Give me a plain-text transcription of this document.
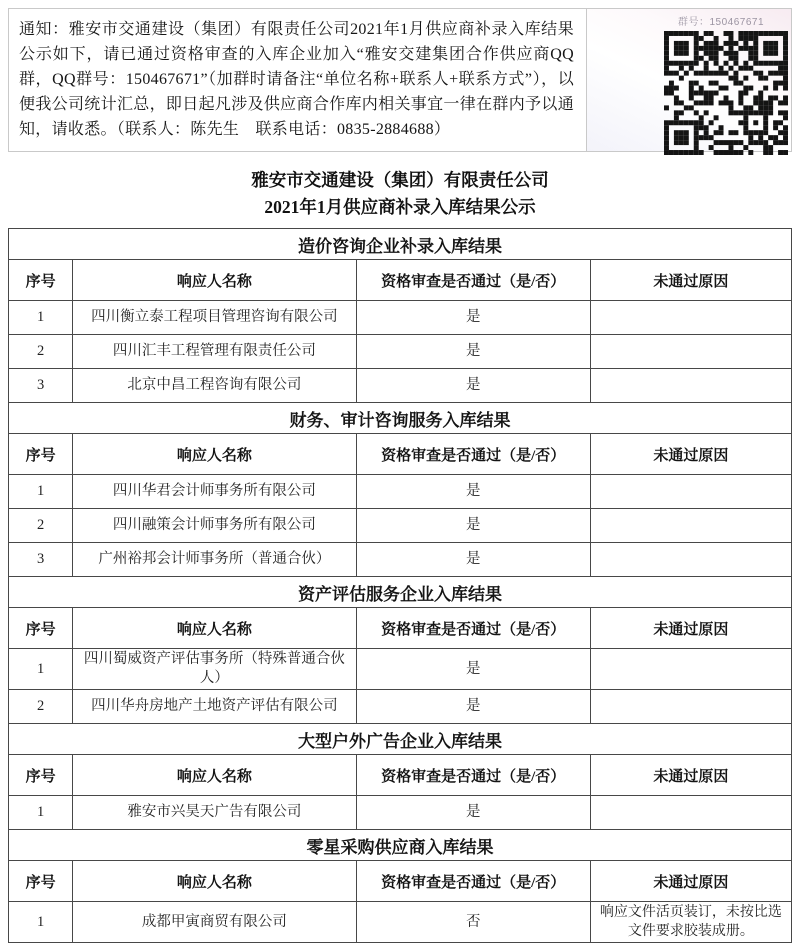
通知：雅安市交通建设（集团）有限责任公司2021年1月供应商补录入库结果公示如下，请已通过资格审查的入库企业加入“雅安交建集团合作供应商QQ群，QQ群号：150467671”（加群时请备注“单位名称+联系人+联系方式”），以便我公司统计汇总，即日起凡涉及供应商合作库内相关事宜一律在群内予以通知，请收悉。（联系人：陈先生　联系电话：0835-2884688）

群号：150467671
雅安市交通建设（集团）有限责任公司
2021年1月供应商补录入库结果公示
造价咨询企业补录入库结果			
序号	响应人名称	资格审查是否通过（是/否）	未通过原因
1	四川衡立泰工程项目管理咨询有限公司	是	
2	四川汇丰工程管理有限责任公司	是	
3	北京中昌工程咨询有限公司	是	
财务、审计咨询服务入库结果			
序号	响应人名称	资格审查是否通过（是/否）	未通过原因
1	四川华君会计师事务所有限公司	是	
2	四川融策会计师事务所有限公司	是	
3	广州裕邦会计师事务所（普通合伙）	是	
资产评估服务企业入库结果			
序号	响应人名称	资格审查是否通过（是/否）	未通过原因
1	四川蜀威资产评估事务所（特殊普通合伙人）	是	
2	四川华舟房地产土地资产评估有限公司	是	
大型户外广告企业入库结果			
序号	响应人名称	资格审查是否通过（是/否）	未通过原因
1	雅安市兴昊天广告有限公司	是	
零星采购供应商入库结果			
序号	响应人名称	资格审查是否通过（是/否）	未通过原因
1	成都甲寅商贸有限公司	否	响应文件活页装订，未按比选文件要求胶装成册。
